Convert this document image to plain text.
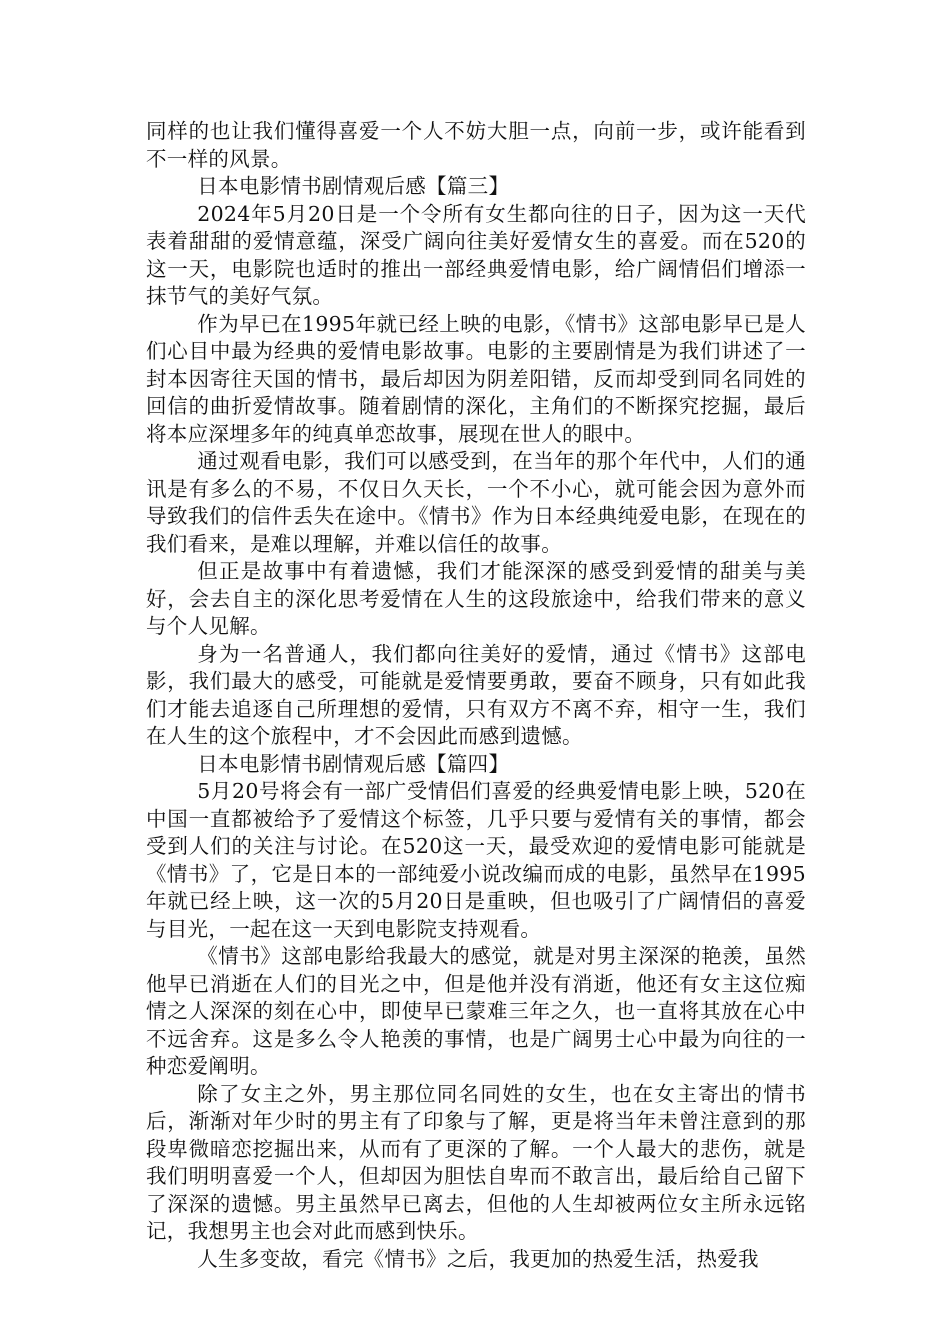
同样的也让我们懂得喜爱一个人不妨大胆一点，向前一步，或许能看到不一样的风景。

日本电影情书剧情观后感【篇三】

2024年5月20日是一个令所有女生都向往的日子，因为这一天代表着甜甜的爱情意蕴，深受广阔向往美好爱情女生的喜爱。而在520的这一天，电影院也适时的推出一部经典爱情电影，给广阔情侣们增添一抹节气的美好气氛。

作为早已在1995年就已经上映的电影，《情书》这部电影早已是人们心目中最为经典的爱情电影故事。电影的主要剧情是为我们讲述了一封本因寄往天国的情书，最后却因为阴差阳错，反而却受到同名同姓的回信的曲折爱情故事。随着剧情的深化，主角们的不断探究挖掘，最后将本应深埋多年的纯真单恋故事，展现在世人的眼中。

通过观看电影，我们可以感受到，在当年的那个年代中，人们的通讯是有多么的不易，不仅日久天长，一个不小心，就可能会因为意外而导致我们的信件丢失在途中。《情书》作为日本经典纯爱电影，在现在的我们看来，是难以理解，并难以信任的故事。

但正是故事中有着遗憾，我们才能深深的感受到爱情的甜美与美好，会去自主的深化思考爱情在人生的这段旅途中，给我们带来的意义与个人见解。

身为一名普通人，我们都向往美好的爱情，通过《情书》这部电影，我们最大的感受，可能就是爱情要勇敢，要奋不顾身，只有如此我们才能去追逐自己所理想的爱情，只有双方不离不弃，相守一生，我们在人生的这个旅程中，才不会因此而感到遗憾。

日本电影情书剧情观后感【篇四】

5月20号将会有一部广受情侣们喜爱的经典爱情电影上映，520在中国一直都被给予了爱情这个标签，几乎只要与爱情有关的事情，都会受到人们的关注与讨论。在520这一天，最受欢迎的爱情电影可能就是《情书》了，它是日本的一部纯爱小说改编而成的电影，虽然早在1995年就已经上映，这一次的5月20日是重映，但也吸引了广阔情侣的喜爱与目光，一起在这一天到电影院支持观看。

《情书》这部电影给我最大的感觉，就是对男主深深的艳羡，虽然他早已消逝在人们的目光之中，但是他并没有消逝，他还有女主这位痴情之人深深的刻在心中，即使早已蒙难三年之久，也一直将其放在心中不远舍弃。这是多么令人艳羡的事情，也是广阔男士心中最为向往的一种恋爱阐明。

除了女主之外，男主那位同名同姓的女生，也在女主寄出的情书后，渐渐对年少时的男主有了印象与了解，更是将当年未曾注意到的那段卑微暗恋挖掘出来，从而有了更深的了解。一个人最大的悲伤，就是我们明明喜爱一个人，但却因为胆怯自卑而不敢言出，最后给自己留下了深深的遗憾。男主虽然早已离去，但他的人生却被两位女主所永远铭记，我想男主也会对此而感到快乐。

人生多变故，看完《情书》之后，我更加的热爱生活，热爱我
